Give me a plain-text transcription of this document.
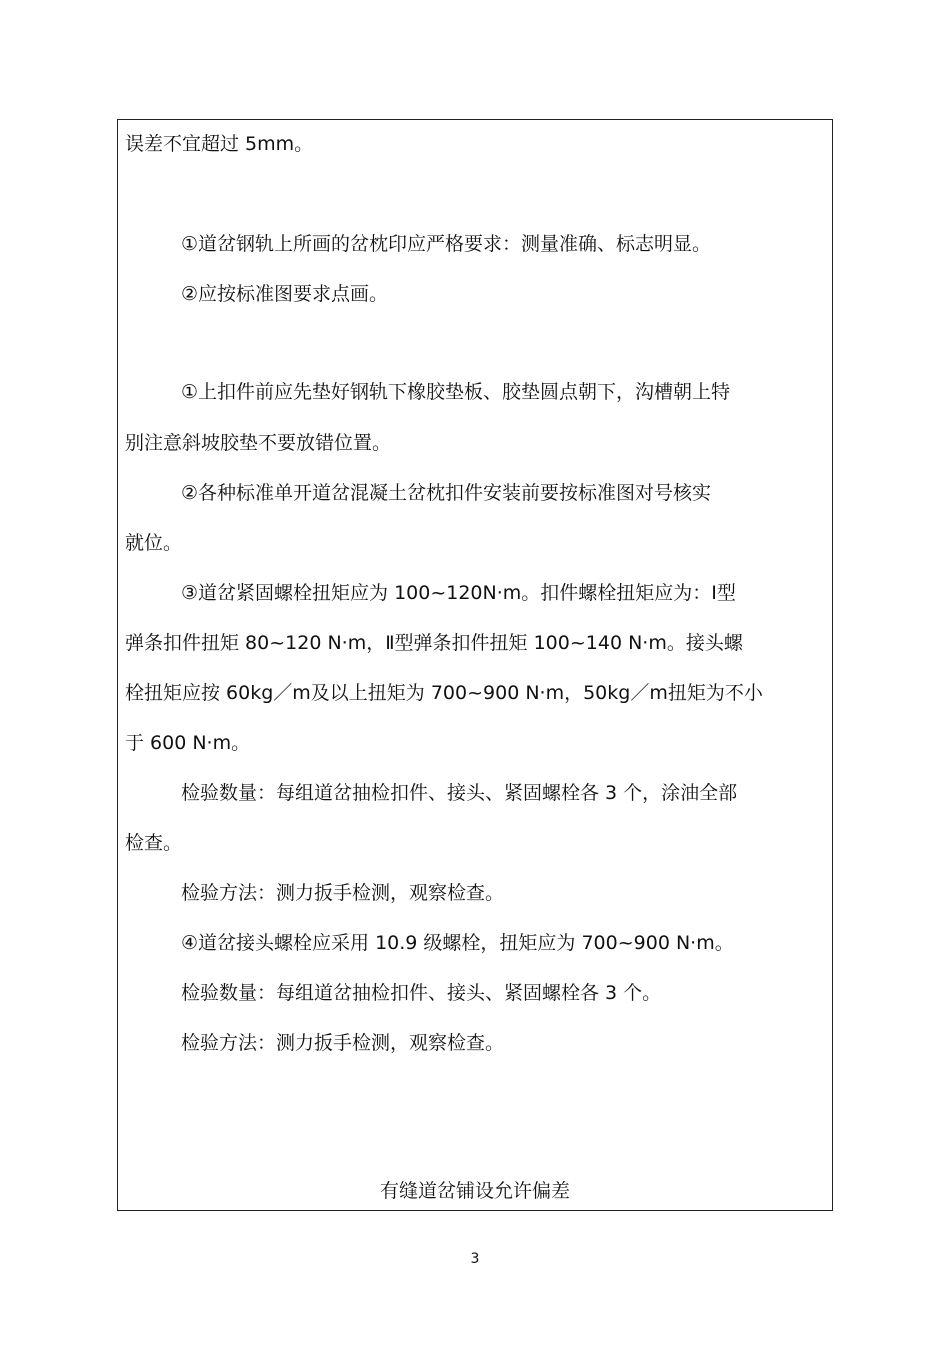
误差不宜超过 5mm。
①道岔钢轨上所画的岔枕印应严格要求：测量准确、标志明显。
②应按标准图要求点画。
①上扣件前应先垫好钢轨下橡胶垫板、胶垫圆点朝下，沟槽朝上特
别注意斜坡胶垫不要放错位置。
②各种标准单开道岔混凝土岔枕扣件安装前要按标准图对号核实
就位。
③道岔紧固螺栓扭矩应为 100~120N·m。扣件螺栓扭矩应为：Ⅰ型
弹条扣件扭矩 80~120 N·m，Ⅱ型弹条扣件扭矩 100~140 N·m。接头螺
栓扭矩应按 60kg／m及以上扭矩为 700~900 N·m，50kg／m扭矩为不小
于 600 N·m。
检验数量：每组道岔抽检扣件、接头、紧固螺栓各 3 个，涂油全部
检查。
检验方法：测力扳手检测，观察检查。
④道岔接头螺栓应采用 10.9 级螺栓，扭矩应为 700~900 N·m。
检验数量：每组道岔抽检扣件、接头、紧固螺栓各 3 个。
检验方法：测力扳手检测，观察检查。
有缝道岔铺设允许偏差
3
